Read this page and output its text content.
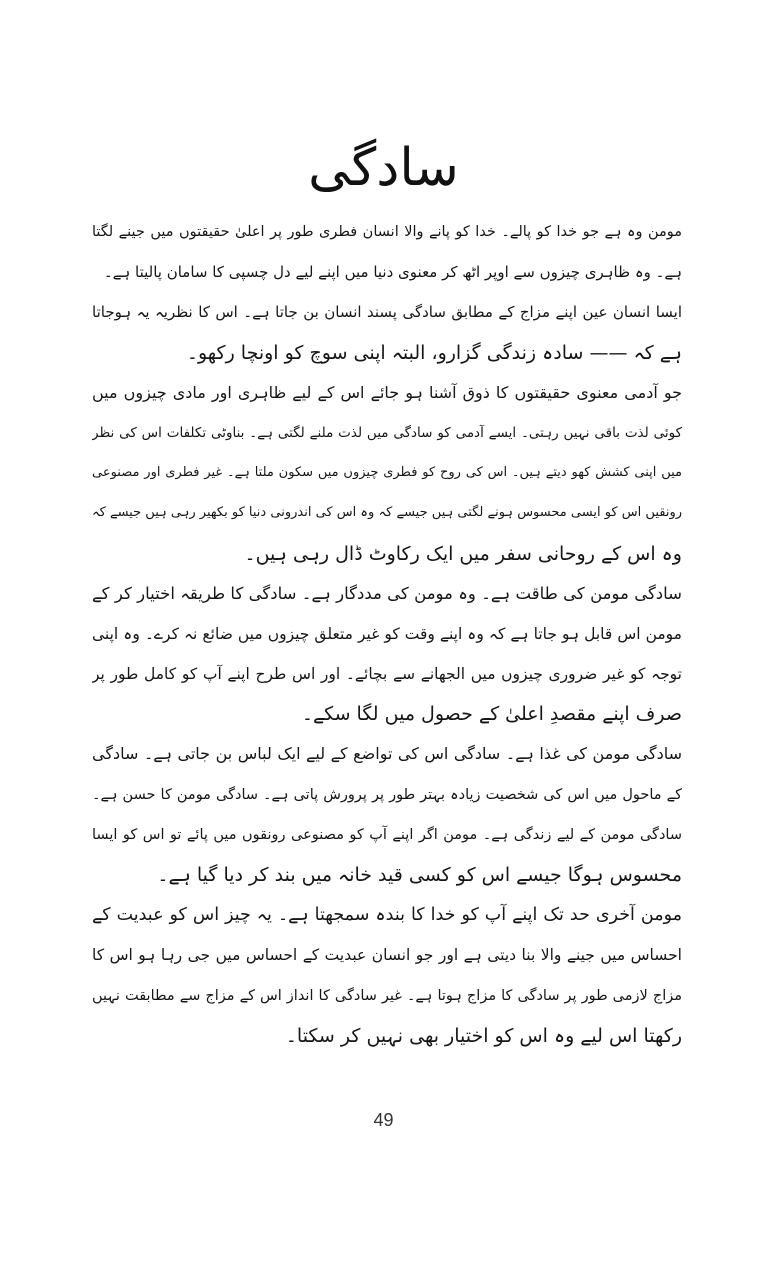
سادگی
مومن وہ ہے جو خدا کو پالے۔ خدا کو پانے والا انسان فطری طور پر اعلیٰ حقیقتوں میں جینے لگتا
ہے۔ وہ ظاہری چیزوں سے اوپر اٹھ کر معنوی دنیا میں اپنے لیے دل چسپی کا سامان پالیتا ہے۔
ایسا انسان عین اپنے مزاج کے مطابق سادگی پسند انسان بن جاتا ہے۔ اس کا نظریہ یہ ہوجاتا
ہے کہ —— سادہ زندگی گزارو، البتہ اپنی سوچ کو اونچا رکھو۔
جو آدمی معنوی حقیقتوں کا ذوق آشنا ہو جائے اس کے لیے ظاہری اور مادی چیزوں میں
کوئی لذت باقی نہیں رہتی۔ ایسے آدمی کو سادگی میں لذت ملنے لگتی ہے۔ بناوٹی تکلفات اس کی نظر
میں اپنی کشش کھو دیتے ہیں۔ اس کی روح کو فطری چیزوں میں سکون ملتا ہے۔ غیر فطری اور مصنوعی
رونقیں اس کو ایسی محسوس ہونے لگتی ہیں جیسے کہ وہ اس کی اندرونی دنیا کو بکھیر رہی ہیں جیسے کہ
وہ اس کے روحانی سفر میں ایک رکاوٹ ڈال رہی ہیں۔
سادگی مومن کی طاقت ہے۔ وہ مومن کی مددگار ہے۔ سادگی کا طریقہ اختیار کر کے
مومن اس قابل ہو جاتا ہے کہ وہ اپنے وقت کو غیر متعلق چیزوں میں ضائع نہ کرے۔ وہ اپنی
توجہ کو غیر ضروری چیزوں میں الجھانے سے بچائے۔ اور اس طرح اپنے آپ کو کامل طور پر
صرف اپنے مقصدِ اعلیٰ کے حصول میں لگا سکے۔
سادگی مومن کی غذا ہے۔ سادگی اس کی تواضع کے لیے ایک لباس بن جاتی ہے۔ سادگی
کے ماحول میں اس کی شخصیت زیادہ بہتر طور پر پرورش پاتی ہے۔ سادگی مومن کا حسن ہے۔
سادگی مومن کے لیے زندگی ہے۔ مومن اگر اپنے آپ کو مصنوعی رونقوں میں پائے تو اس کو ایسا
محسوس ہوگا جیسے اس کو کسی قید خانہ میں بند کر دیا گیا ہے۔
مومن آخری حد تک اپنے آپ کو خدا کا بندہ سمجھتا ہے۔ یہ چیز اس کو عبدیت کے
احساس میں جینے والا بنا دیتی ہے اور جو انسان عبدیت کے احساس میں جی رہا ہو اس کا
مزاج لازمی طور پر سادگی کا مزاج ہوتا ہے۔ غیر سادگی کا انداز اس کے مزاج سے مطابقت نہیں
رکھتا اس لیے وہ اس کو اختیار بھی نہیں کر سکتا۔
49
